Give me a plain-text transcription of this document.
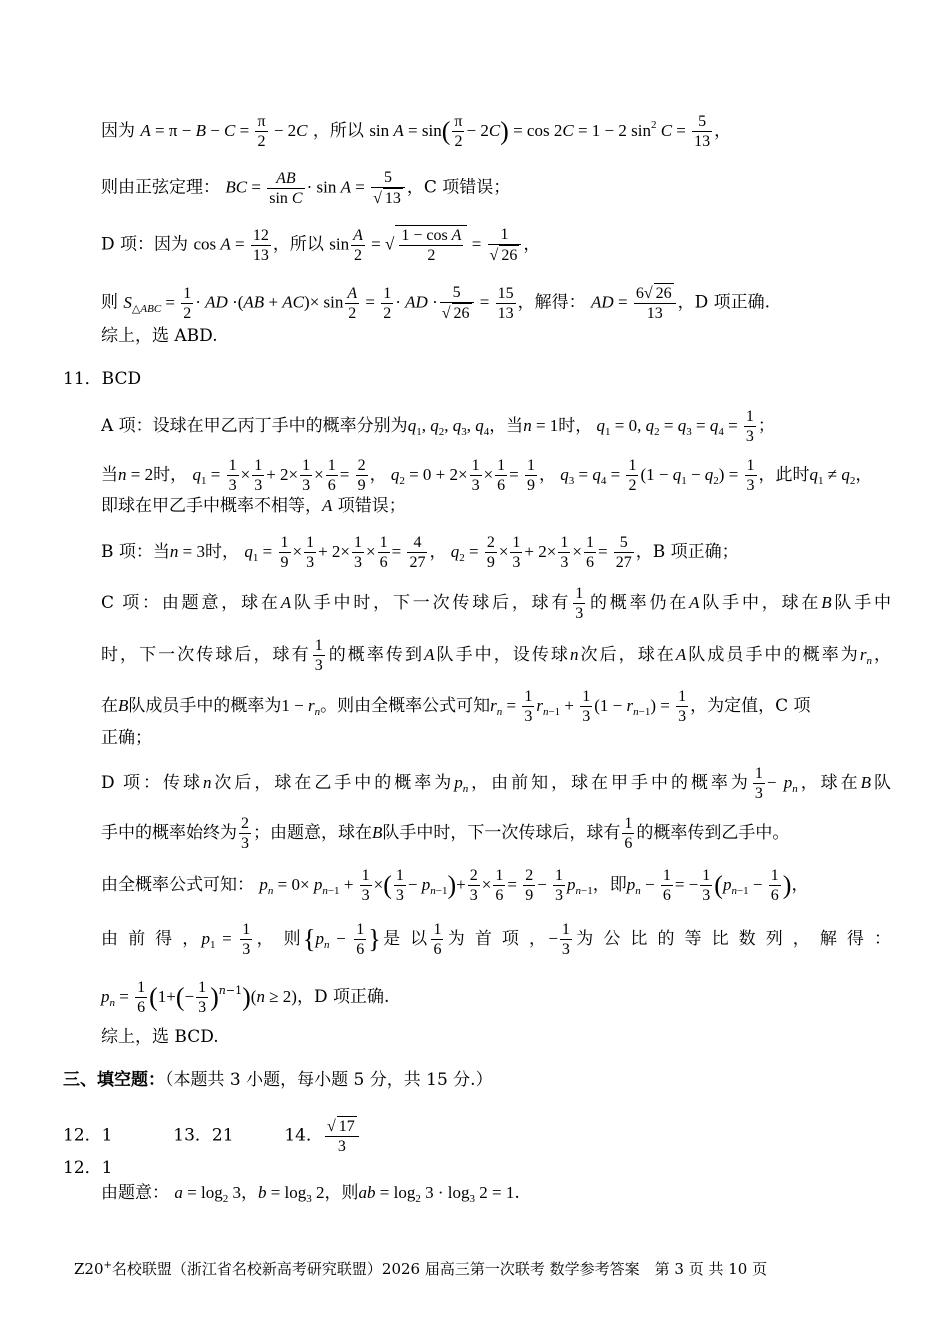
因为 $A = \pi - B - C = \frac{\pi}{2} - 2C$ ，所以 $\sin A = \sin( \frac{\pi}{2} - 2C) = \cos 2C = 1 - 2$ $\sin^2 C = \frac{5}{13}$ ，
则由正弦定理： BC = $\frac{AB}{\text{sin C}} \cdot \sin A = \frac{5}{√ 13}$ ，C 项错误；
D 项：因为 $\cos A = \frac{12}{13}$ ，所以 $\sin \frac{A}{2}$ = √ $\frac{\text{1 − cos A}}{2} = \frac{1}{√ 26}$ ，
则 $S_{\triangle ABC} = \frac{1}{2}$ · AD $\cdot(AB + AC)\times \sin \frac{A}{2} = \frac{1}{2}$ · AD · $\frac{5}{√ 26} = \frac{15}{13}$ ，解得： AD = $\frac{6√ 26}{13}$ ，D 项正确.
综上，选 ABD.
11．BCD
A 项：设球在甲乙丙丁手中的概率分别为$q_1$, $q_2$, $q_3$, $q_4$，当n = 1时， $q_1 = 0$, $q_2 = q_3 = q_4 = \frac{1}{3}$ ；
当n = 2时， $q_1 = \frac{1}{3} \times \frac{1}{3} + 2\times \frac{1}{3} \times \frac{1}{6} = \frac{2}{9}$ ， $q_2 = 0 + 2\times \frac{1}{3} \times \frac{1}{6} = \frac{1}{9}$ ， $q_3 = q_4 = \frac{1}{2} (1 - q_1 - q_2) = \frac{1}{3}$ ，此时$q_1 \ne q_2$，
即球在甲乙手中概率不相等，A 项错误；
B 项：当n = 3时， $q_1 = \frac{1}{9} \times \frac{1}{3} + 2\times \frac{1}{3} \times \frac{1}{6} = \frac{4}{27}$ ， $q_2 = \frac{2}{9} \times \frac{1}{3} + 2\times \frac{1}{3} \times \frac{1}{6} = \frac{5}{27}$ ，B 项正确；
C 项：由题意，球在A队手中时，下一次传球后，球有 $\frac{1}{3}$ 的概率仍在A队手中，球在B队手中
时，下一次传球后，球有 $\frac{1}{3}$ 的概率传到A队手中，设传球n次后，球在A队成员手中的概率为$r_n$，
在B队成员手中的概率为$1 - r_n$。则由全概率公式可知$r_n = \frac{1}{3} r_{n-1} + \frac{1}{3} (1 - r_{n-1}) = \frac{1}{3}$ ，为定值，C 项
正确；
D 项：传球n次后，球在乙手中的概率为$p_n$，由前知，球在甲手中的概率为 $\frac{1}{3} - p_n$，球在B队
手中的概率始终为 $\frac{2}{3}$ ；由题意，球在B队手中时，下一次传球后，球有 $\frac{1}{6}$ 的概率传到乙手中。
由全概率公式可知： $p_n = 0\times p_{n-1} + \frac{1}{3}$ ×( $\frac{1}{3} - p_{n-1})+ \frac{2}{3} \times \frac{1}{6} = \frac{2}{9} - \frac{1}{3} p_{n-1}$，即$p_n - \frac{1}{6}$ = − $\frac{1}{3} (p_{n-1} - \frac{1}{6}$ )，
由 前 得 ，$p_1 = \frac{1}{3}$ ， 则{$p_n - \frac{1}{6}$ }是 以 $\frac{1}{6}$ 为 首 项 ，− $\frac{1}{3}$ 为 公 比 的 等 比 数 列 ， 解 得 ：
$p_n = \frac{1}{6} (1+(- \frac{1}{3} )^{n-1})(n \ge 2)$，D 项正确.
综上，选 BCD.
三、填空题：（本题共 3 小题，每小题 5 分，共 15 分.）
12．1	13．21	14． $\frac{√ 17}{3}$
12．1
由题意： $a = \log_2 3$，$b = \log_3 2$，则ab = $\log_2 3 \cdot \log_3 2 = 1$.
Z20+名校联盟（浙江省名校新高考研究联盟）2026 届高三第一次联考 数学参考答案　第 3 页 共 10 页
